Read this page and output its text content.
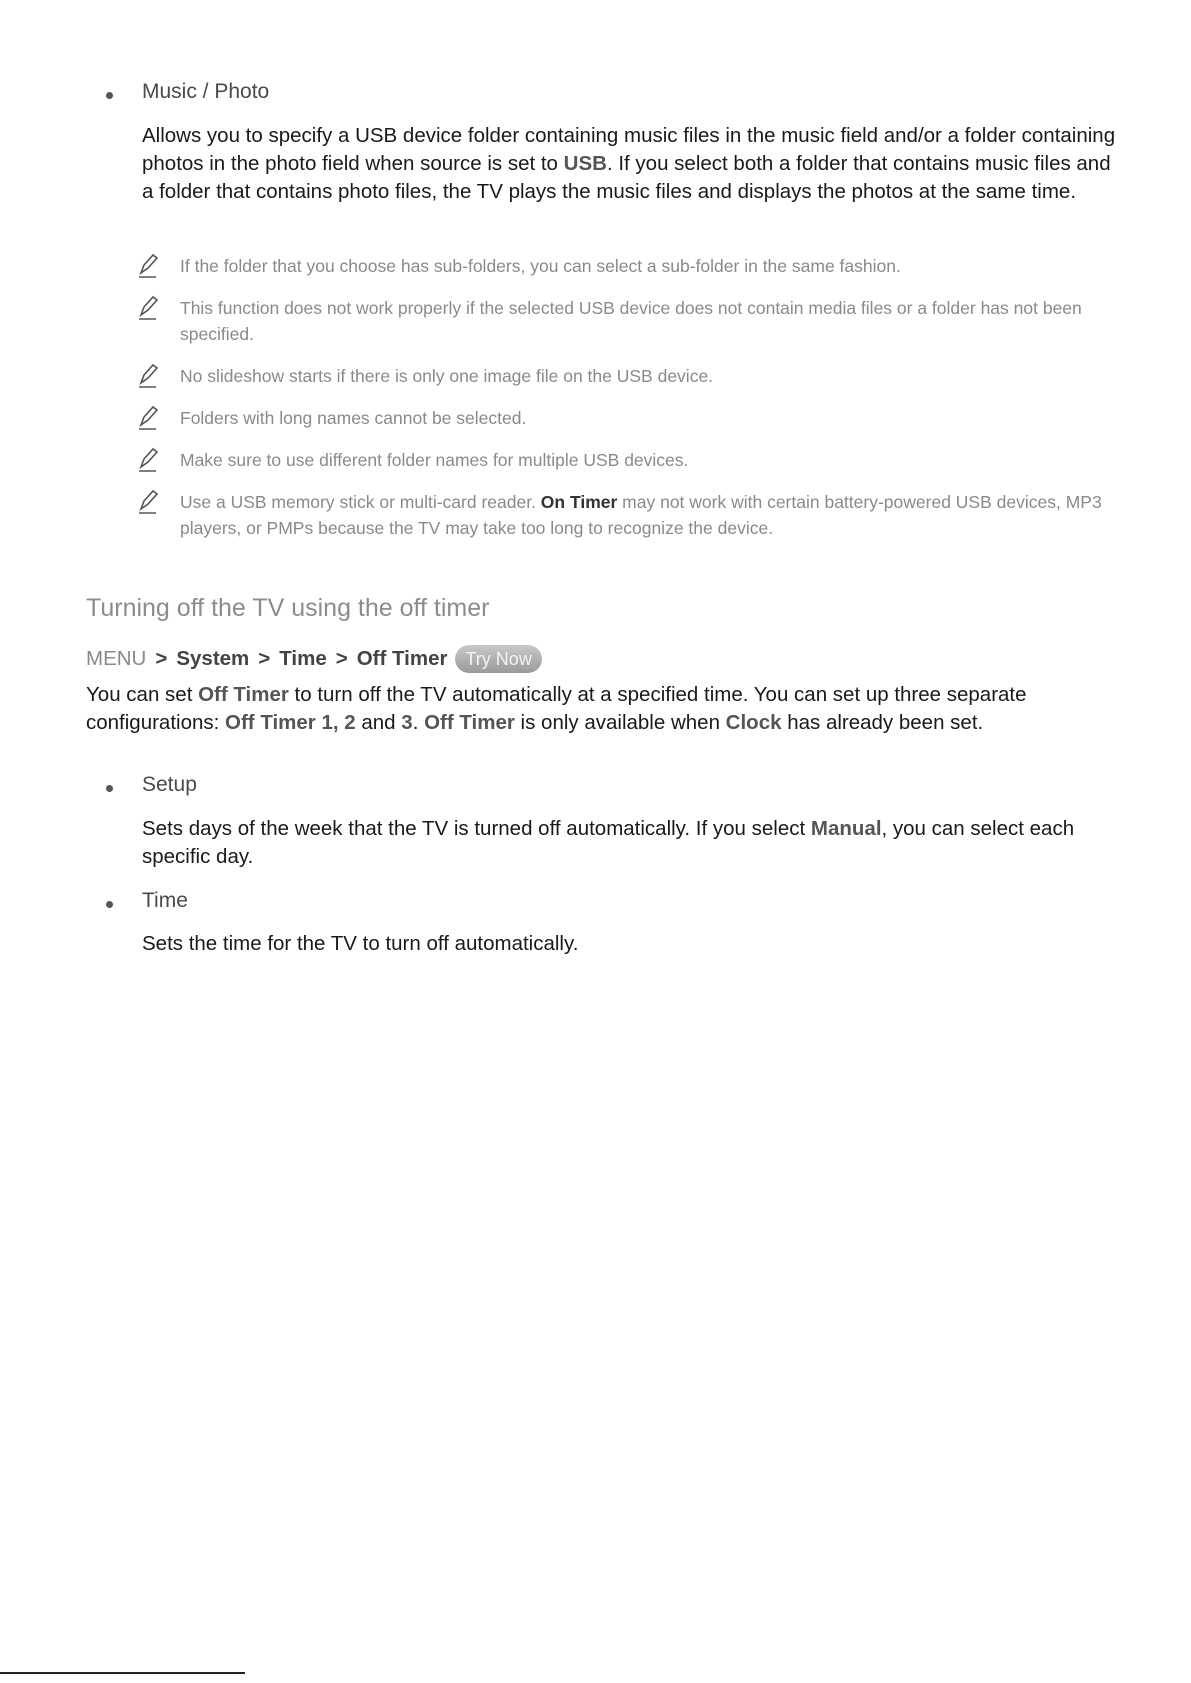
Music / Photo
Allows you to specify a USB device folder containing music files in the music field and/or a folder containing photos in the photo field when source is set to USB. If you select both a folder that contains music files and a folder that contains photo files, the TV plays the music files and displays the photos at the same time.
If the folder that you choose has sub-folders, you can select a sub-folder in the same fashion.
This function does not work properly if the selected USB device does not contain media files or a folder has not been specified.
No slideshow starts if there is only one image file on the USB device.
Folders with long names cannot be selected.
Make sure to use different folder names for multiple USB devices.
Use a USB memory stick or multi-card reader. On Timer may not work with certain battery-powered USB devices, MP3 players, or PMPs because the TV may take too long to recognize the device.
Turning off the TV using the off timer
MENU > System > Time > Off Timer	Try Now
You can set Off Timer to turn off the TV automatically at a specified time. You can set up three separate configurations: Off Timer 1, 2 and 3. Off Timer is only available when Clock has already been set.
Setup
Sets days of the week that the TV is turned off automatically. If you select Manual, you can select each specific day.
Time
Sets the time for the TV to turn off automatically.
